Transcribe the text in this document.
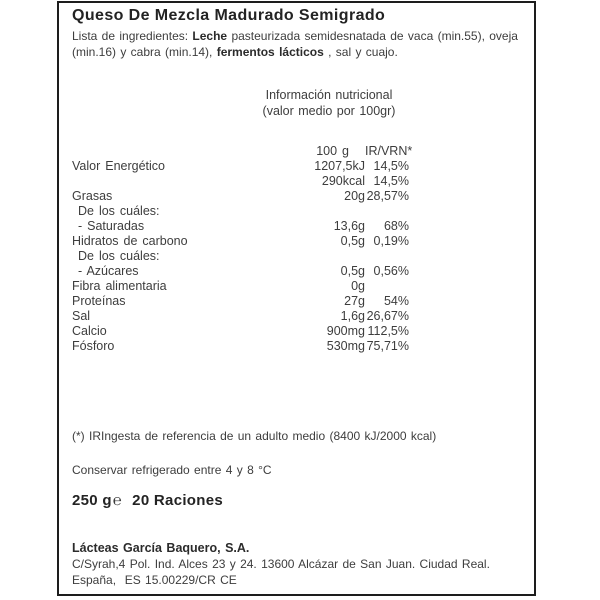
Queso De Mezcla Madurado Semigrado

Lista de ingredientes: Leche pasteurizada semidesnatada de vaca (min.55), oveja
(min.16) y cabra (min.14), fermentos lácticos , sal y cuajo.

Información nutricional
(valor medio por 100gr)
100 g	IR/VRN*
Valor Energético	1207,5kJ 14,5%
290kcal 14,5%
Grasas	20g 28,57%
De los cuáles:
- Saturadas	13,6g	68%
Hidratos de carbono	0,5g 0,19%
De los cuáles:
- Azúcares	0,5g 0,56%
Fibra alimentaria	0g
Proteínas	27g	54%
Sal	1,6g 26,67%
Calcio	900mg 112,5%
Fósforo	530mg 75,71%

(*) IRIngesta de referencia de un adulto medio (8400 kJ/2000 kcal)

Conservar refrigerado entre 4 y 8 °C

250 g℮ 20 Raciones

Lácteas García Baquero, S.A.
C/Syrah,4 Pol. Ind. Alces 23 y 24. 13600 Alcázar de San Juan. Ciudad Real.
España,  ES 15.00229/CR CE
